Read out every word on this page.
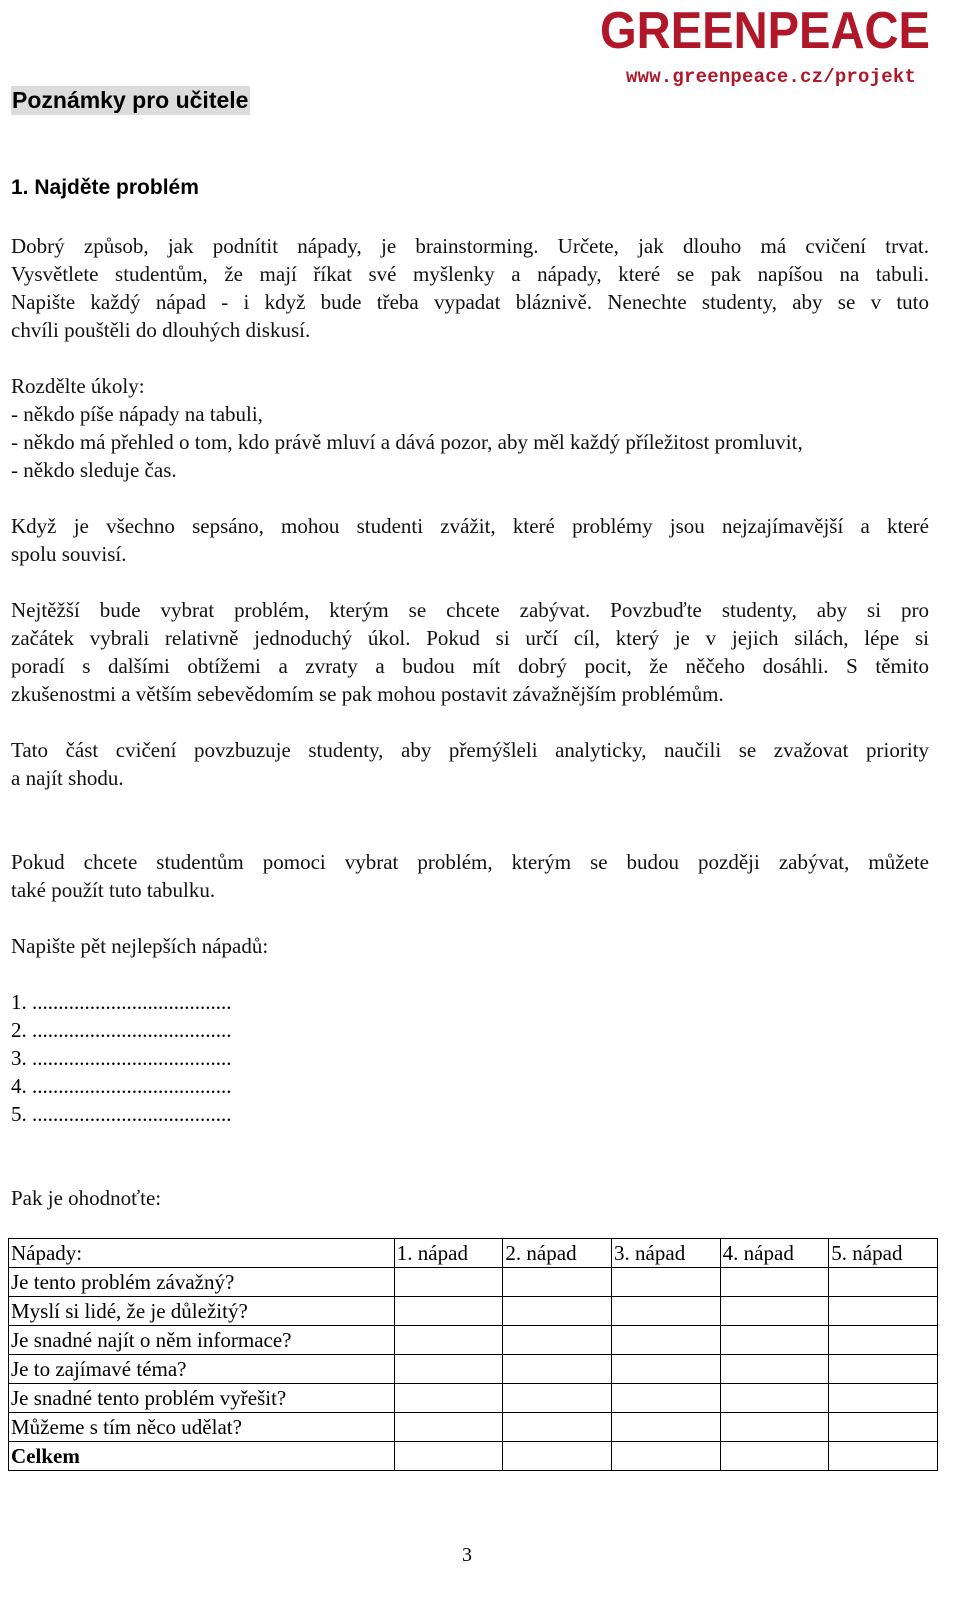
GREENPEACE
www.greenpeace.cz/projekt
Poznámky pro učitele
1. Najděte problém

Dobrý způsob, jak podnítit nápady, je brainstorming. Určete, jak dlouho má cvičení trvat.
Vysvětlete studentům, že mají říkat své myšlenky a nápady, které se pak napíšou na tabuli.
Napište každý nápad - i když bude třeba vypadat bláznivě. Nenechte studenty, aby se v tuto
chvíli pouštěli do dlouhých diskusí.

Rozdělte úkoly:
- někdo píše nápady na tabuli,
- někdo má přehled o tom, kdo právě mluví a dává pozor, aby měl každý příležitost promluvit,
- někdo sleduje čas.

Když je všechno sepsáno, mohou studenti zvážit, které problémy jsou nejzajímavější a které
spolu souvisí.

Nejtěžší bude vybrat problém, kterým se chcete zabývat. Povzbuďte studenty, aby si pro
začátek vybrali relativně jednoduchý úkol. Pokud si určí cíl, který je v jejich silách, lépe si
poradí s dalšími obtížemi a zvraty a budou mít dobrý pocit, že něčeho dosáhli. S těmito
zkušenostmi a větším sebevědomím se pak mohou postavit závažnějším problémům.

Tato část cvičení povzbuzuje studenty, aby přemýšleli analyticky, naučili se zvažovat priority
a najít shodu.

Pokud chcete studentům pomoci vybrat problém, kterým se budou později zabývat, můžete
také použít tuto tabulku.

Napište pět nejlepších nápadů:

1. ......................................
2. ......................................
3. ......................................
4. ......................................
5. ......................................

Pak je ohodnoťte:

Nápady:	1. nápad	2. nápad	3. nápad	4. nápad	5. nápad
Je tento problém závažný?					
Myslí si lidé, že je důležitý?					
Je snadné najít o něm informace?					
Je to zajímavé téma?					
Je snadné tento problém vyřešit?					
Můžeme s tím něco udělat?					
Celkem					
3
